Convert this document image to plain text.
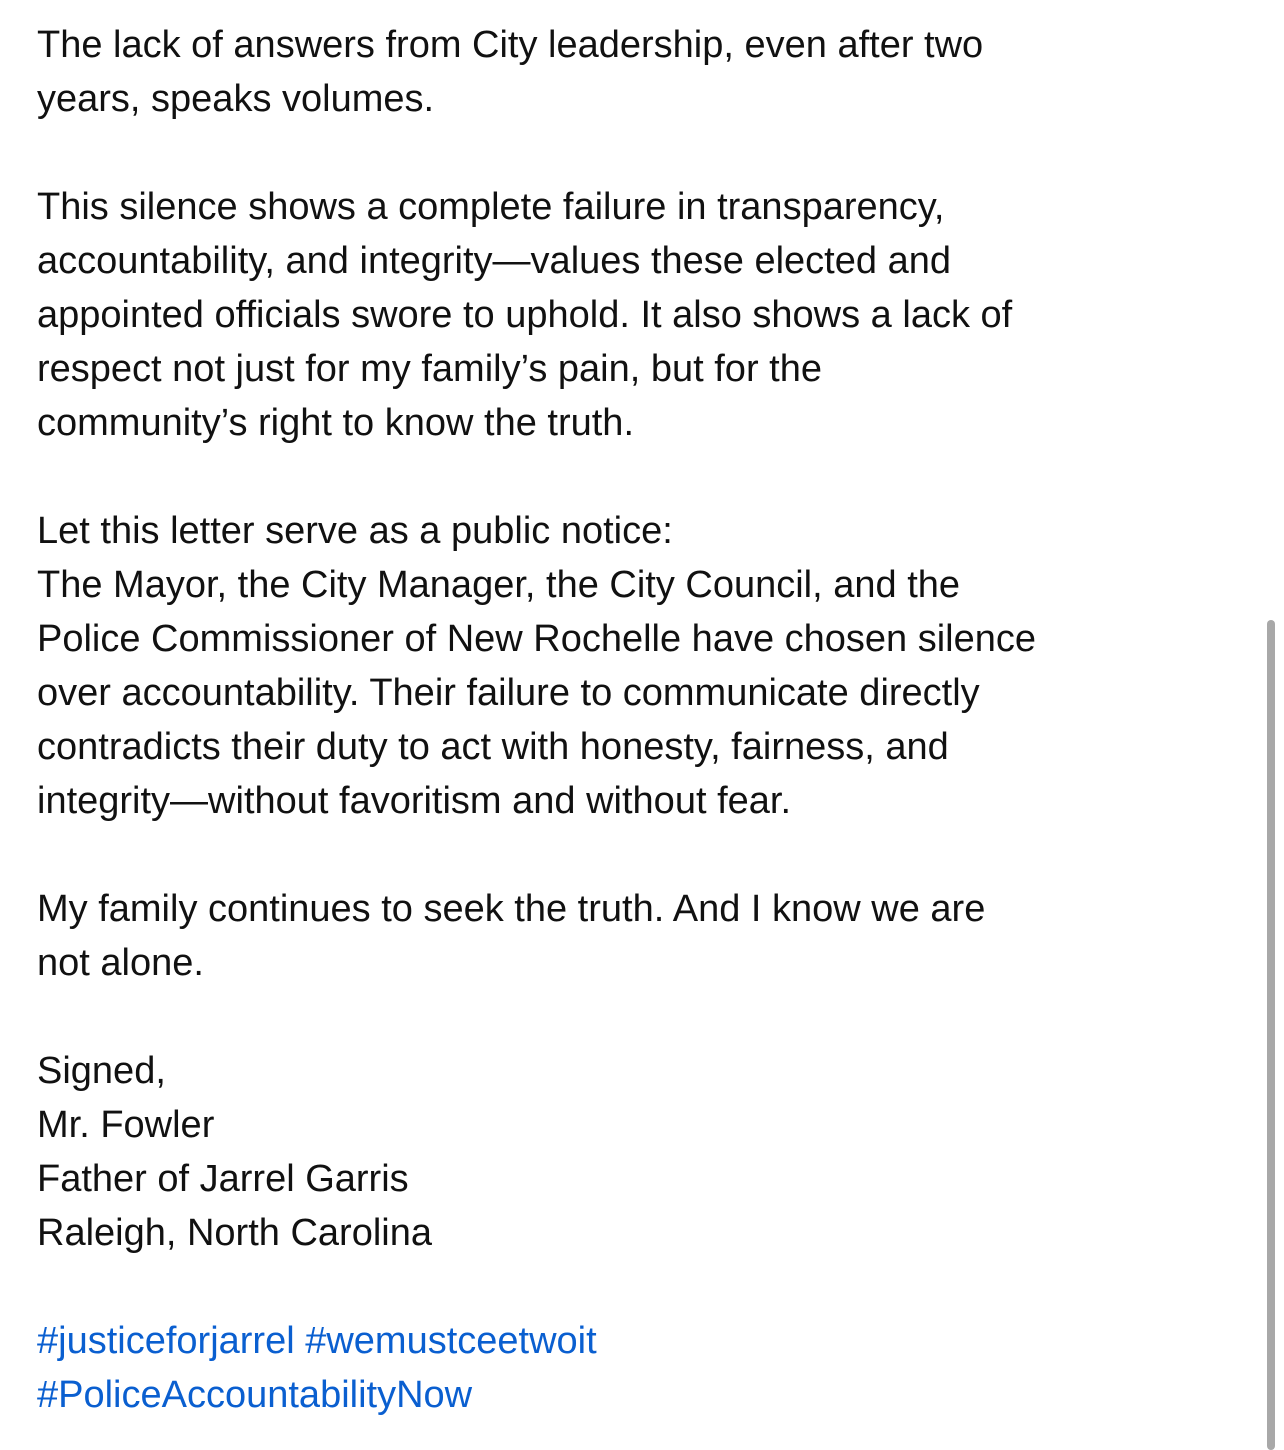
The lack of answers from City leadership, even after two
years, speaks volumes.
This silence shows a complete failure in transparency,
accountability, and integrity—values these elected and
appointed officials swore to uphold. It also shows a lack of
respect not just for my family’s pain, but for the
community’s right to know the truth.
Let this letter serve as a public notice:
The Mayor, the City Manager, the City Council, and the
Police Commissioner of New Rochelle have chosen silence
over accountability. Their failure to communicate directly
contradicts their duty to act with honesty, fairness, and
integrity—without favoritism and without fear.
My family continues to seek the truth. And I know we are
not alone.
Signed,
Mr. Fowler
Father of Jarrel Garris
Raleigh, North Carolina
#justiceforjarrel #wemustceetwoit
#PoliceAccountabilityNow
